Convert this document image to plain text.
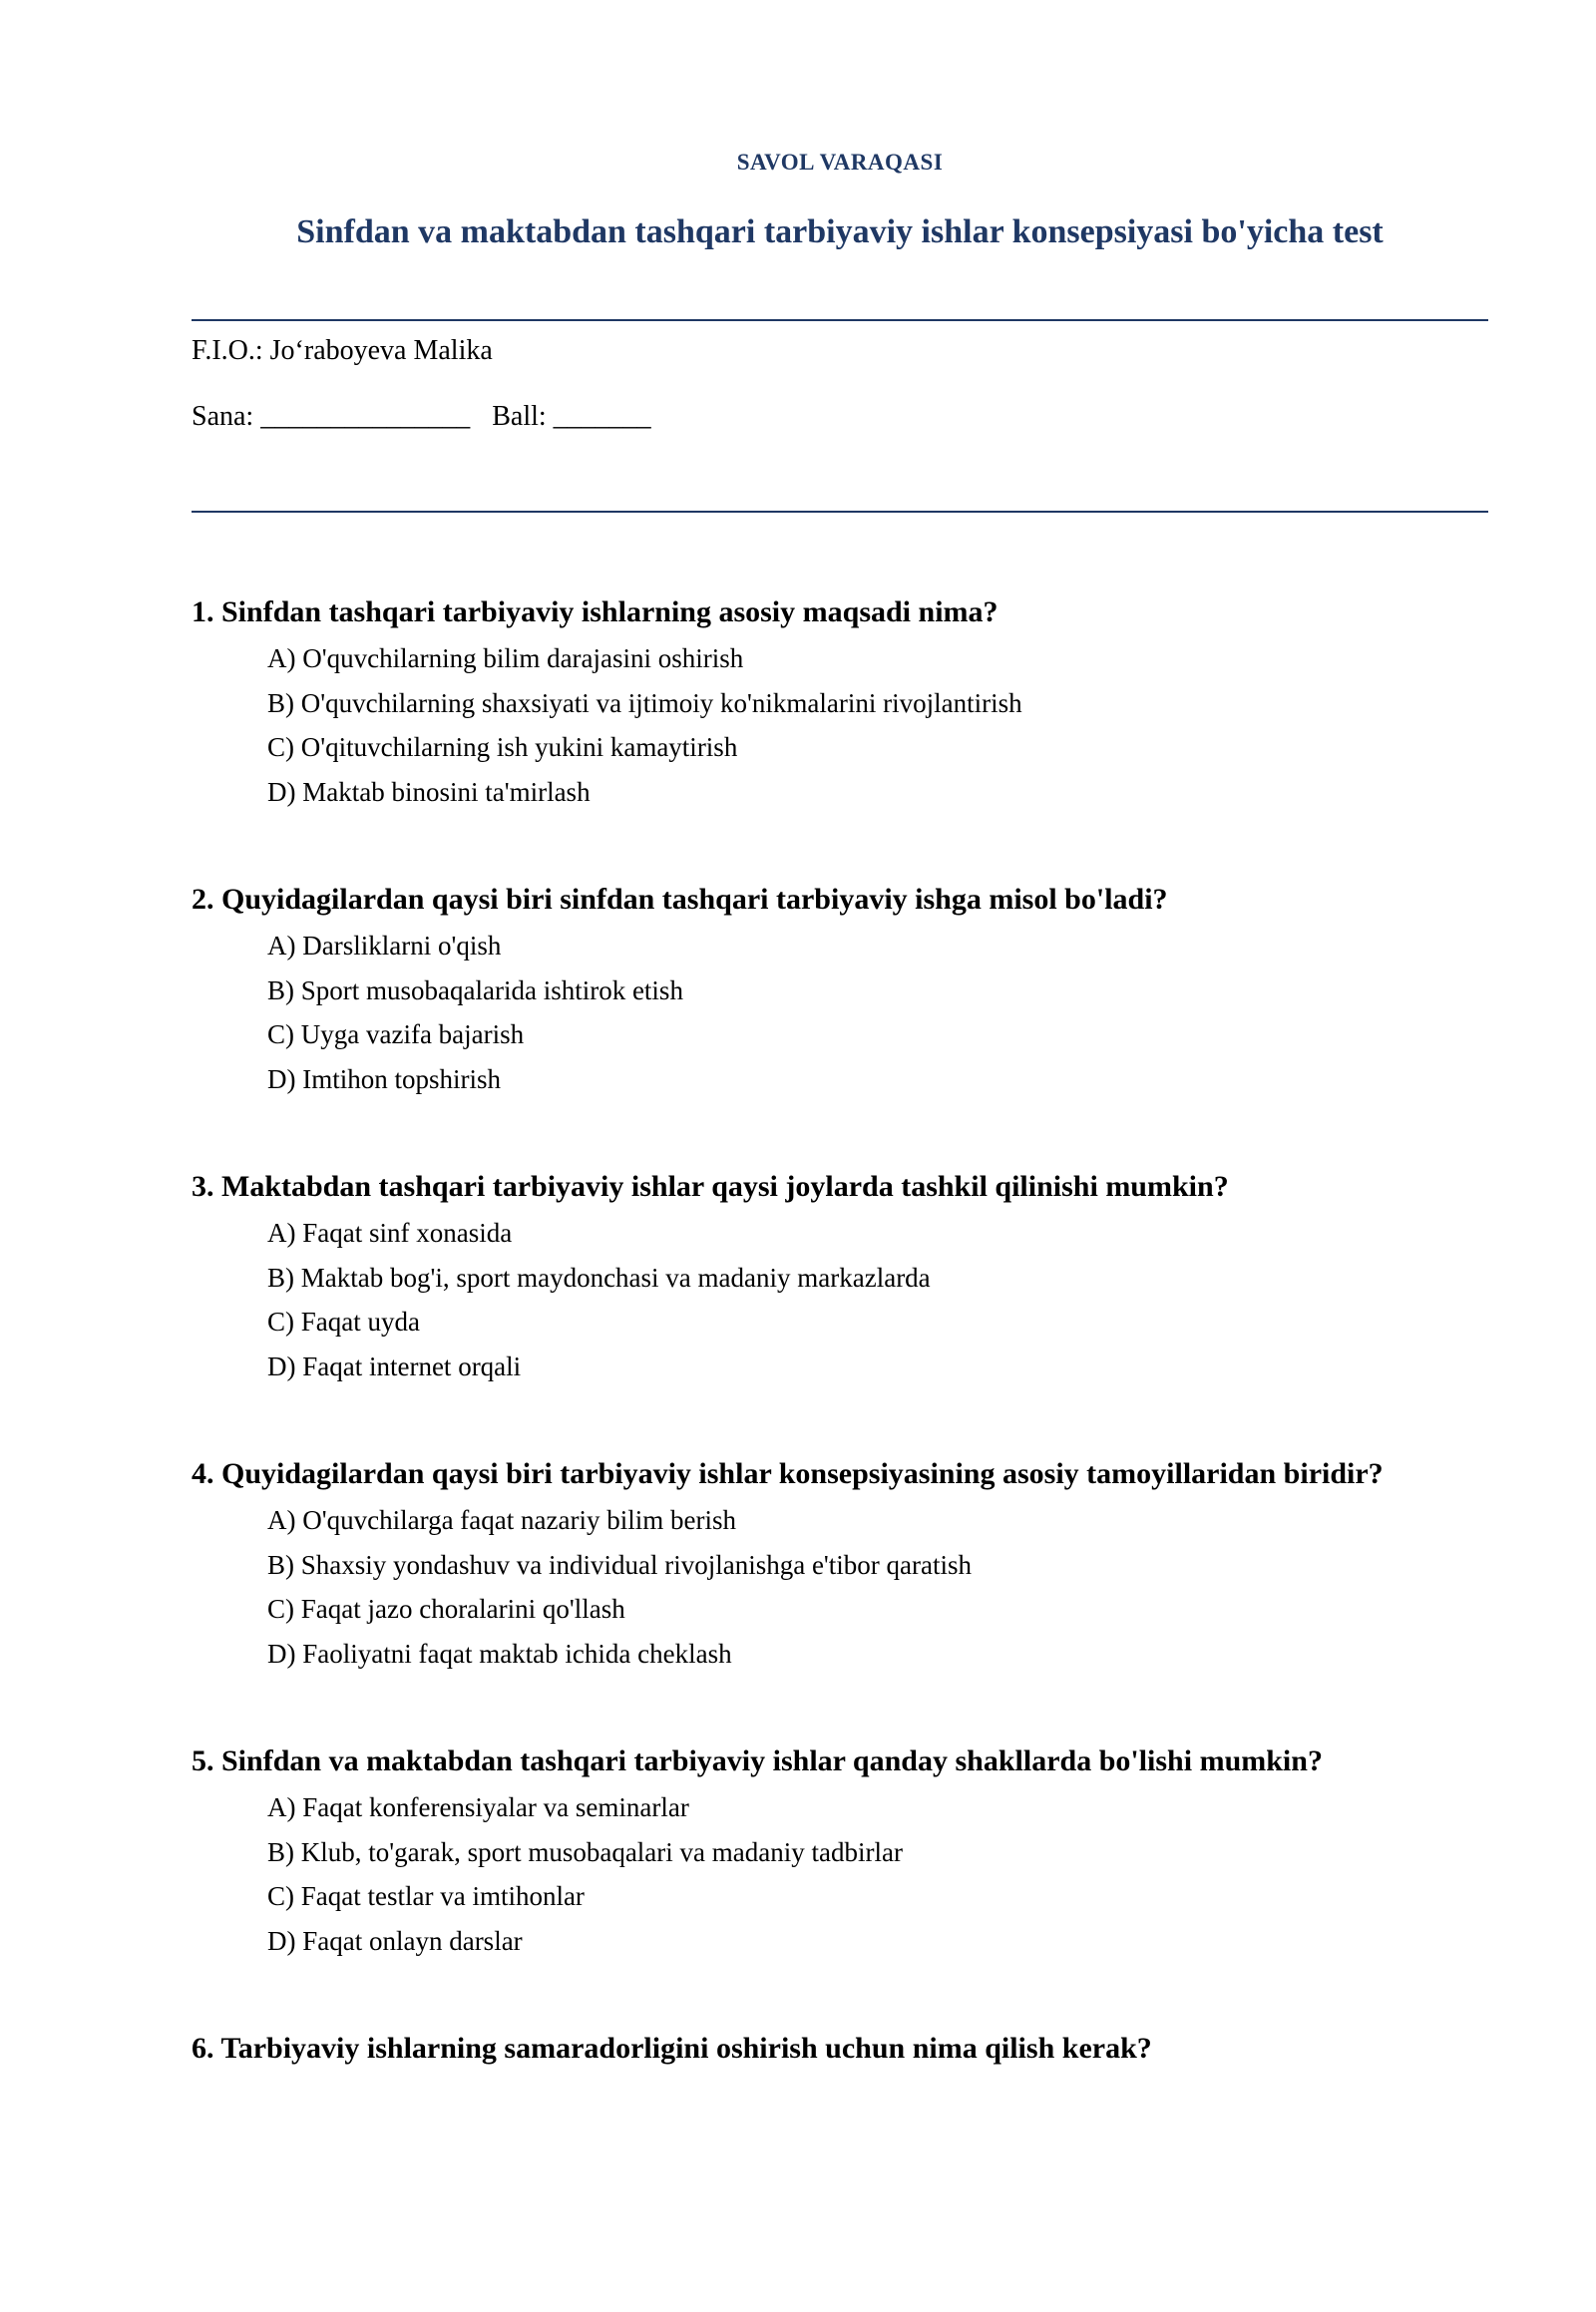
SAVOL VARAQASI
Sinfdan va maktabdan tashqari tarbiyaviy ishlar konsepsiyasi bo'yicha test
F.I.O.: Jo‘raboyeva Malika
Sana: _______________ Ball: _______
1. Sinfdan tashqari tarbiyaviy ishlarning asosiy maqsadi nima?
A) O'quvchilarning bilim darajasini oshirish
B) O'quvchilarning shaxsiyati va ijtimoiy ko'nikmalarini rivojlantirish
C) O'qituvchilarning ish yukini kamaytirish
D) Maktab binosini ta'mirlash
2. Quyidagilardan qaysi biri sinfdan tashqari tarbiyaviy ishga misol bo'ladi?
A) Darsliklarni o'qish
B) Sport musobaqalarida ishtirok etish
C) Uyga vazifa bajarish
D) Imtihon topshirish
3. Maktabdan tashqari tarbiyaviy ishlar qaysi joylarda tashkil qilinishi mumkin?
A) Faqat sinf xonasida
B) Maktab bog'i, sport maydonchasi va madaniy markazlarda
C) Faqat uyda
D) Faqat internet orqali
4. Quyidagilardan qaysi biri tarbiyaviy ishlar konsepsiyasining asosiy tamoyillaridan biridir?
A) O'quvchilarga faqat nazariy bilim berish
B) Shaxsiy yondashuv va individual rivojlanishga e'tibor qaratish
C) Faqat jazo choralarini qo'llash
D) Faoliyatni faqat maktab ichida cheklash
5. Sinfdan va maktabdan tashqari tarbiyaviy ishlar qanday shakllarda bo'lishi mumkin?
A) Faqat konferensiyalar va seminarlar
B) Klub, to'garak, sport musobaqalari va madaniy tadbirlar
C) Faqat testlar va imtihonlar
D) Faqat onlayn darslar
6. Tarbiyaviy ishlarning samaradorligini oshirish uchun nima qilish kerak?
